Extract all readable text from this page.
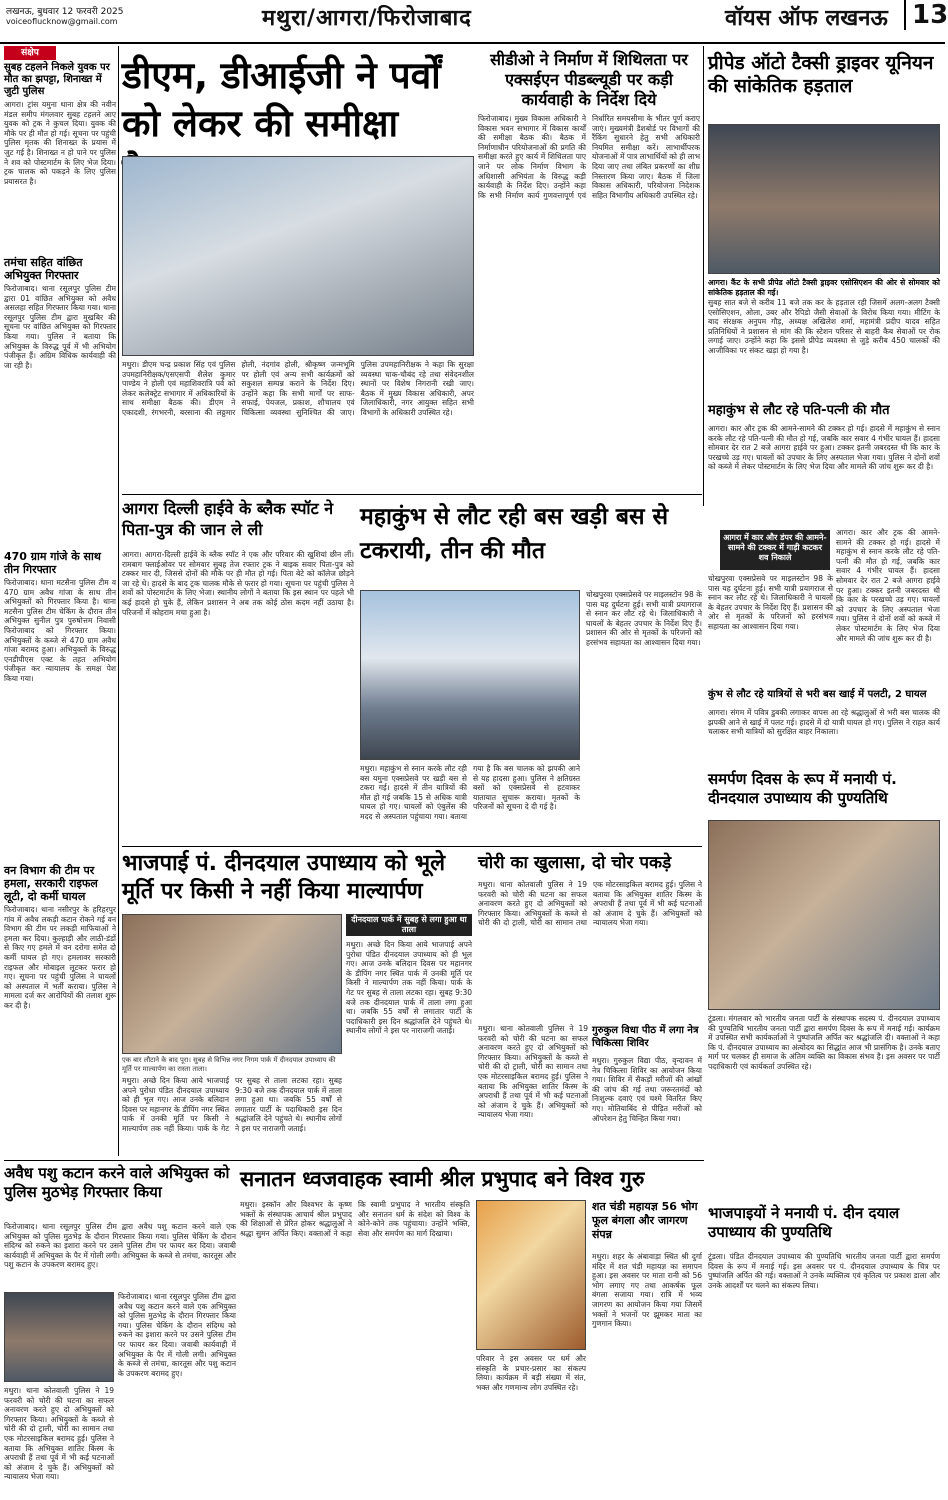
लखनऊ, बुधवार 12 फरवरी 2025
voiceoflucknow@gmail.com	मथुरा/आगरा/फिरोजाबाद	वॉयस ऑफ लखनऊ 13
संक्षेप
सुबह टहलने निकले युवक पर मौत का झपट्टा, शिनाख्त में जुटी पुलिस
आगरा। ट्रांस यमुना थाना क्षेत्र की नवीन मंडल समीप मंगलवार सुबह टहलने आए युवक को ट्रक ने कुचल दिया। युवक की मौके पर ही मौत हो गई। सूचना पर पहुंची पुलिस मृतक की शिनाख्त के प्रयास में जुट गई है। शिनाख्त न हो पाने पर पुलिस ने शव को पोस्टमार्टम के लिए भेज दिया। ट्रक चालक को पकड़ने के लिए पुलिस प्रयासरत है।
तमंचा सहित वांछित अभियुक्त गिरफ्तार
फिरोजाबाद। थाना रसूलपुर पुलिस टीम द्वारा 01 वांछित अभियुक्त को अवैध असलहा सहित गिरफ्तार किया गया। थाना रसूलपुर पुलिस टीम द्वारा मुखबिर की सूचना पर वांछित अभियुक्त को गिरफ्तार किया गया। पुलिस ने बताया कि अभियुक्त के विरुद्ध पूर्व में भी अभियोग पंजीकृत हैं। अग्रिम विधिक कार्यवाही की जा रही है।
470 ग्राम गांजे के साथ तीन गिरफ्तार
फिरोजाबाद। थाना मटसैना पुलिस टीम व 470 ग्राम अवैध गांजा के साथ तीन अभियुक्तों को गिरफ्तार किया है। थाना मटसैना पुलिस टीम चेकिंग के दौरान तीन अभियुक्त सुनील पुत्र पुरुषोत्तम निवासी फिरोजाबाद को गिरफ्तार किया। अभियुक्तों के कब्जे से 470 ग्राम अवैध गांजा बरामद हुआ। अभियुक्तों के विरुद्ध एनडीपीएस एक्ट के तहत अभियोग पंजीकृत कर न्यायालय के समक्ष पेश किया गया।
वन विभाग की टीम पर हमला, सरकारी राइफल लूटी, दो कर्मी घायल
फिरोजाबाद। थाना नसीरपुर के हरिहरपुर गांव में अवैध लकड़ी कटान रोकने गई वन विभाग की टीम पर लकड़ी माफियाओं ने हमला कर दिया। कुल्हाड़ी और लाठी-डंडों से किए गए हमले में वन दरोगा समेत दो कर्मी घायल हो गए। हमलावर सरकारी राइफल और मोबाइल लूटकर फरार हो गए। सूचना पर पहुंची पुलिस ने घायलों को अस्पताल में भर्ती कराया। पुलिस ने मामला दर्ज कर आरोपियों की तलाश शुरू कर दी है।
डीएम, डीआईजी ने पर्वों को लेकर की समीक्षा
मथुरा। डीएम चन्द्र प्रकाश सिंह एवं पुलिस उपमहानिरीक्षक/एसएसपी शैलेश कुमार पाण्डेय ने होली एवं महाशिवरात्रि पर्व को लेकर कलेक्ट्रेट सभागार में अधिकारियों के साथ समीक्षा बैठक की। डीएम ने एकादशी, रंगभरनी, बरसाना की लठ्ठमार होली, नंदगांव होली, श्रीकृष्ण जन्मभूमि पर होली एवं अन्य सभी कार्यक्रमों को सकुशल सम्पन्न कराने के निर्देश दिए। उन्होंने कहा कि सभी मार्गों पर साफ-सफाई, पेयजल, प्रकाश, शौचालय एवं चिकित्सा व्यवस्था सुनिश्चित की जाए। पुलिस उपमहानिरीक्षक ने कहा कि सुरक्षा व्यवस्था चाक-चौबंद रहे तथा संवेदनशील स्थानों पर विशेष निगरानी रखी जाए। बैठक में मुख्य विकास अधिकारी, अपर जिलाधिकारी, नगर आयुक्त सहित सभी विभागों के अधिकारी उपस्थित रहे।
सीडीओ ने निर्माण में शिथिलता पर एक्सईएन पीडब्ल्यूडी पर कड़ी कार्यवाही के निर्देश दिये
फिरोजाबाद। मुख्य विकास अधिकारी ने विकास भवन सभागार में विकास कार्यों की समीक्षा बैठक की। बैठक में निर्माणाधीन परियोजनाओं की प्रगति की समीक्षा करते हुए कार्य में शिथिलता पाए जाने पर लोक निर्माण विभाग के अधिशासी अभियंता के विरुद्ध कड़ी कार्यवाही के निर्देश दिए। उन्होंने कहा कि सभी निर्माण कार्य गुणवत्तापूर्ण एवं निर्धारित समयसीमा के भीतर पूर्ण कराए जाएं। मुख्यमंत्री डैशबोर्ड पर विभागों की रैंकिंग सुधारने हेतु सभी अधिकारी नियमित समीक्षा करें। लाभार्थीपरक योजनाओं में पात्र लाभार्थियों को ही लाभ दिया जाए तथा लंबित प्रकरणों का शीघ्र निस्तारण किया जाए। बैठक में जिला विकास अधिकारी, परियोजना निदेशक सहित विभागीय अधिकारी उपस्थित रहे।
प्रीपेड ऑटो टैक्सी ड्राइवर यूनियन की सांकेतिक हड़ताल
आगरा। कैंट के सभी प्रीपेड ऑटो टैक्सी ड्राइवर एसोसिएशन की ओर से सोमवार को सांकेतिक हड़ताल की गई।
सुबह सात बजे से करीब 11 बजे तक कर के हड़ताल रही जिसमें अलग-अलग टैक्सी एसोसिएशन, ओला, उबर और रैपिडो जैसी सेवाओं के विरोध किया गया। मीटिंग के बाद संरक्षक अनुपम गौड़, अध्यक्ष अखिलेश शर्मा, महामंत्री प्रदीप यादव सहित प्रतिनिधियों ने प्रशासन से मांग की कि स्टेशन परिसर से बाहरी कैब सेवाओं पर रोक लगाई जाए। उन्होंने कहा कि इससे प्रीपेड व्यवस्था से जुड़े करीब 450 चालकों की आजीविका पर संकट खड़ा हो गया है।
महाकुंभ से लौट रहे पति-पत्नी की मौत
आगरा। कार और ट्रक की आमने-सामने की टक्कर हो गई। हादसे में महाकुंभ से स्नान करके लौट रहे पति-पत्नी की मौत हो गई, जबकि कार सवार 4 गंभीर घायल हैं। हादसा सोमवार देर रात 2 बजे आगरा हाईवे पर हुआ। टक्कर इतनी जबरदस्त थी कि कार के परखच्चे उड़ गए। घायलों को उपचार के लिए अस्पताल भेजा गया। पुलिस ने दोनों शवों को कब्जे में लेकर पोस्टमार्टम के लिए भेज दिया और मामले की जांच शुरू कर दी है।
आगरा में कार और डंपर की आमने-सामने की टक्कर में गाड़ी कटकर शव निकाले
आगरा। कार और ट्रक की आमने-सामने की टक्कर हो गई। हादसे में महाकुंभ से स्नान करके लौट रहे पति-पत्नी की मौत हो गई, जबकि कार सवार 4 गंभीर घायल हैं। हादसा सोमवार देर रात 2 बजे आगरा हाईवे पर हुआ। टक्कर इतनी जबरदस्त थी कि कार के परखच्चे उड़ गए। घायलों को उपचार के लिए अस्पताल भेजा गया। पुलिस ने दोनों शवों को कब्जे में लेकर पोस्टमार्टम के लिए भेज दिया और मामले की जांच शुरू कर दी है।
चोखपुरवा एक्सप्रेसवे पर माइलस्टोन 98 के पास यह दुर्घटना हुई। सभी यात्री प्रयागराज से स्नान कर लौट रहे थे। जिलाधिकारी ने घायलों के बेहतर उपचार के निर्देश दिए हैं। प्रशासन की ओर से मृतकों के परिजनों को हरसंभव सहायता का आश्वासन दिया गया।
कुंभ से लौट रहे यात्रियों से भरी बस खाई में पलटी, 2 घायल
आगरा। संगम में पवित्र डुबकी लगाकर वापस आ रहे श्रद्धालुओं से भरी बस चालक की झपकी आने से खाई में पलट गई। हादसे में दो यात्री घायल हो गए। पुलिस ने राहत कार्य चलाकर सभी यात्रियों को सुरक्षित बाहर निकाला।
समर्पण दिवस के रूप में मनायी पं. दीनदयाल उपाध्याय की पुण्यतिथि
टूंडला। मंगलवार को भारतीय जनता पार्टी के संस्थापक सदस्य पं. दीनदयाल उपाध्याय की पुण्यतिथि भारतीय जनता पार्टी द्वारा समर्पण दिवस के रूप में मनाई गई। कार्यक्रम में उपस्थित सभी कार्यकर्ताओं ने पुष्पांजलि अर्पित कर श्रद्धांजलि दी। वक्ताओं ने कहा कि पं. दीनदयाल उपाध्याय का अंत्योदय का सिद्धांत आज भी प्रासंगिक है। उनके बताए मार्ग पर चलकर ही समाज के अंतिम व्यक्ति का विकास संभव है। इस अवसर पर पार्टी पदाधिकारी एवं कार्यकर्ता उपस्थित रहे।
भाजपाइयों ने मनायी पं. दीन दयाल उपाध्याय की पुण्यतिथि
टूंडला। पंडित दीनदयाल उपाध्याय की पुण्यतिथि भारतीय जनता पार्टी द्वारा समर्पण दिवस के रूप में मनाई गई। इस अवसर पर पं. दीनदयाल उपाध्याय के चित्र पर पुष्पांजलि अर्पित की गई। वक्ताओं ने उनके व्यक्तित्व एवं कृतित्व पर प्रकाश डाला और उनके आदर्शों पर चलने का संकल्प लिया।
आगरा दिल्ली हाईवे के ब्लैक स्पॉट ने पिता-पुत्र की जान ले ली
आगरा। आगरा-दिल्ली हाईवे के ब्लैक स्पॉट ने एक और परिवार की खुशियां छीन लीं। रामबाग फ्लाईओवर पर सोमवार सुबह तेज रफ्तार ट्रक ने बाइक सवार पिता-पुत्र को टक्कर मार दी, जिससे दोनों की मौके पर ही मौत हो गई। पिता बेटे को कॉलेज छोड़ने जा रहे थे। हादसे के बाद ट्रक चालक मौके से फरार हो गया। सूचना पर पहुंची पुलिस ने शवों को पोस्टमार्टम के लिए भेजा। स्थानीय लोगों ने बताया कि इस स्थान पर पहले भी कई हादसे हो चुके हैं, लेकिन प्रशासन ने अब तक कोई ठोस कदम नहीं उठाया है। परिजनों में कोहराम मचा हुआ है।
महाकुंभ से लौट रही बस खड़ी बस से टकरायी, तीन की मौत
मथुरा। महाकुंभ से स्नान करके लौट रही बस यमुना एक्सप्रेसवे पर खड़ी बस से टकरा गई। हादसे में तीन यात्रियों की मौत हो गई जबकि 15 से अधिक यात्री घायल हो गए। घायलों को एंबुलेंस की मदद से अस्पताल पहुंचाया गया। बताया गया है कि बस चालक को झपकी आने से यह हादसा हुआ। पुलिस ने क्षतिग्रस्त बसों को एक्सप्रेसवे से हटवाकर यातायात सुचारू कराया। मृतकों के परिजनों को सूचना दे दी गई है।
चोखपुरवा एक्सप्रेसवे पर माइलस्टोन 98 के पास यह दुर्घटना हुई। सभी यात्री प्रयागराज से स्नान कर लौट रहे थे। जिलाधिकारी ने घायलों के बेहतर उपचार के निर्देश दिए हैं। प्रशासन की ओर से मृतकों के परिजनों को हरसंभव सहायता का आश्वासन दिया गया।
भाजपाई पं. दीनदयाल उपाध्याय को भूले मूर्ति पर किसी ने नहीं किया माल्यार्पण
दीनदयाल पार्क में सुबह से लगा हुआ था ताला
मथुरा। अच्छे दिन किया आये भाजपाई अपने पुरोधा पंडित दीनदयाल उपाध्याय को ही भूल गए। आज उनके बलिदान दिवस पर महानगर के डीपिंग नगर स्थित पार्क में उनकी मूर्ति पर किसी ने माल्यार्पण तक नहीं किया। पार्क के गेट पर सुबह से ताला लटका रहा। सुबह 9:30 बजे तक दीनदयाल पार्क में ताला लगा हुआ था। जबकि 55 वर्षों से लगातार पार्टी के पदाधिकारी इस दिन श्रद्धांजलि देने पहुंचते थे। स्थानीय लोगों ने इस पर नाराजगी जताई।
एक बार लौटाने के बाद पूरा। सुबह से विभिन्न नगर निगम पार्क में दीनदयाल उपाध्याय की मूर्ति पर माल्यार्पण का रास्ता ताला।
मथुरा। अच्छे दिन किया आये भाजपाई अपने पुरोधा पंडित दीनदयाल उपाध्याय को ही भूल गए। आज उनके बलिदान दिवस पर महानगर के डीपिंग नगर स्थित पार्क में उनकी मूर्ति पर किसी ने माल्यार्पण तक नहीं किया। पार्क के गेट पर सुबह से ताला लटका रहा। सुबह 9:30 बजे तक दीनदयाल पार्क में ताला लगा हुआ था। जबकि 55 वर्षों से लगातार पार्टी के पदाधिकारी इस दिन श्रद्धांजलि देने पहुंचते थे। स्थानीय लोगों ने इस पर नाराजगी जताई।
चोरी का खुलासा, दो चोर पकड़े
मथुरा। थाना कोतवाली पुलिस ने 19 फरवरी को चोरी की घटना का सफल अनावरण करते हुए दो अभियुक्तों को गिरफ्तार किया। अभियुक्तों के कब्जे से चोरी की दो ट्राली, चोरी का सामान तथा एक मोटरसाइकिल बरामद हुई। पुलिस ने बताया कि अभियुक्त शातिर किस्म के अपराधी हैं तथा पूर्व में भी कई घटनाओं को अंजाम दे चुके हैं। अभियुक्तों को न्यायालय भेजा गया।
गुरुकुल विधा पीठ में लगा नेत्र चिकित्सा शिविर
मथुरा। गुरुकुल विद्या पीठ, वृन्दावन में नेत्र चिकित्सा शिविर का आयोजन किया गया। शिविर में सैकड़ों मरीजों की आंखों की जांच की गई तथा जरूरतमंदों को निःशुल्क दवाएं एवं चश्मे वितरित किए गए। मोतियाबिंद से पीड़ित मरीजों को ऑपरेशन हेतु चिन्हित किया गया।
मथुरा। थाना कोतवाली पुलिस ने 19 फरवरी को चोरी की घटना का सफल अनावरण करते हुए दो अभियुक्तों को गिरफ्तार किया। अभियुक्तों के कब्जे से चोरी की दो ट्राली, चोरी का सामान तथा एक मोटरसाइकिल बरामद हुई। पुलिस ने बताया कि अभियुक्त शातिर किस्म के अपराधी हैं तथा पूर्व में भी कई घटनाओं को अंजाम दे चुके हैं। अभियुक्तों को न्यायालय भेजा गया।
अवैध पशु कटान करने वाले अभियुक्त को पुलिस मुठभेड़ गिरफ्तार किया
फिरोजाबाद। थाना रसूलपुर पुलिस टीम द्वारा अवैध पशु कटान करने वाले एक अभियुक्त को पुलिस मुठभेड़ के दौरान गिरफ्तार किया गया। पुलिस चेकिंग के दौरान संदिग्ध को रुकने का इशारा करने पर उसने पुलिस टीम पर फायर कर दिया। जवाबी कार्यवाही में अभियुक्त के पैर में गोली लगी। अभियुक्त के कब्जे से तमंचा, कारतूस और पशु कटान के उपकरण बरामद हुए।
फिरोजाबाद। थाना रसूलपुर पुलिस टीम द्वारा अवैध पशु कटान करने वाले एक अभियुक्त को पुलिस मुठभेड़ के दौरान गिरफ्तार किया गया। पुलिस चेकिंग के दौरान संदिग्ध को रुकने का इशारा करने पर उसने पुलिस टीम पर फायर कर दिया। जवाबी कार्यवाही में अभियुक्त के पैर में गोली लगी। अभियुक्त के कब्जे से तमंचा, कारतूस और पशु कटान के उपकरण बरामद हुए।
मथुरा। थाना कोतवाली पुलिस ने 19 फरवरी को चोरी की घटना का सफल अनावरण करते हुए दो अभियुक्तों को गिरफ्तार किया। अभियुक्तों के कब्जे से चोरी की दो ट्राली, चोरी का सामान तथा एक मोटरसाइकिल बरामद हुई। पुलिस ने बताया कि अभियुक्त शातिर किस्म के अपराधी हैं तथा पूर्व में भी कई घटनाओं को अंजाम दे चुके हैं। अभियुक्तों को न्यायालय भेजा गया।
सनातन ध्वजवाहक स्वामी श्रील प्रभुपाद बने विश्व गुरु
मथुरा। इस्कॉन और विश्वभर के कृष्ण भक्तों के संस्थापक आचार्य श्रील प्रभुपाद की शिक्षाओं से प्रेरित होकर श्रद्धालुओं ने श्रद्धा सुमन अर्पित किए। वक्ताओं ने कहा कि स्वामी प्रभुपाद ने भारतीय संस्कृति और सनातन धर्म के संदेश को विश्व के कोने-कोने तक पहुंचाया। उन्होंने भक्ति, सेवा और समर्पण का मार्ग दिखाया।
परिवार ने इस अवसर पर धर्म और संस्कृति के प्रचार-प्रसार का संकल्प लिया। कार्यक्रम में बड़ी संख्या में संत, भक्त और गणमान्य लोग उपस्थित रहे।
शत चंडी महायज्ञ 56 भोग फूल बंगला और जागरण संपन्न
मथुरा। शहर के अंबावाड़ा स्थित श्री दुर्गा मंदिर में शत चंडी महायज्ञ का समापन हुआ। इस अवसर पर माता रानी को 56 भोग लगाए गए तथा आकर्षक फूल बंगला सजाया गया। रात्रि में भव्य जागरण का आयोजन किया गया जिसमें भक्तों ने भजनों पर झूमकर माता का गुणगान किया।
